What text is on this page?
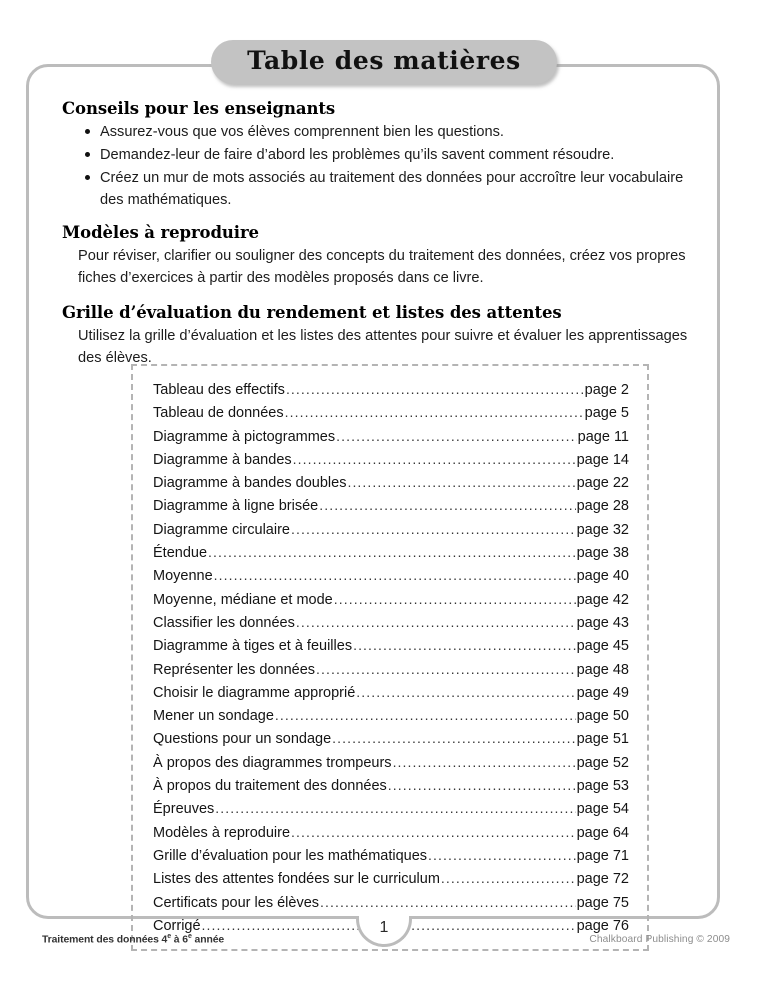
Table des matières
Conseils pour les enseignants
Assurez-vous que vos élèves comprennent bien les questions.
Demandez-leur de faire d’abord les problèmes qu’ils savent comment résoudre.
Créez un mur de mots associés au traitement des données pour accroître leur vocabulaire des mathématiques.
Modèles à reproduire

Pour réviser, clarifier ou souligner des concepts du traitement des données, créez vos propres fiches d’exercices à partir des modèles proposés dans ce livre.

Grille d’évaluation du rendement et listes des attentes

Utilisez la grille d’évaluation et les listes des attentes pour suivre et évaluer les apprentissages des élèves.

Tableau des effectifs .....	page 2
Tableau de données .....	page 5
Diagramme à pictogrammes .....	page 11
Diagramme à bandes .....	page 14
Diagramme à bandes doubles .....	page 22
Diagramme à ligne brisée .....	page 28
Diagramme circulaire .....	page 32
Étendue .....	page 38
Moyenne .....	page 40
Moyenne, médiane et mode .....	page 42
Classifier les données .....	page 43
Diagramme à tiges et à feuilles .....	page 45
Représenter les données .....	page 48
Choisir le diagramme approprié .....	page 49
Mener un sondage .....	page 50
Questions pour un sondage .....	page 51
À propos des diagrammes trompeurs .....	page 52
À propos du traitement des données .....	page 53
Épreuves .....	page 54
Modèles à reproduire .....	page 64
Grille d’évaluation pour les mathématiques .....	page 71
Listes des attentes fondées sur le curriculum .....	page 72
Certificats pour les élèves .....	page 75
Corrigé .....	page 76
1
Traitement des données 4e à 6e année	Chalkboard Publishing © 2009
